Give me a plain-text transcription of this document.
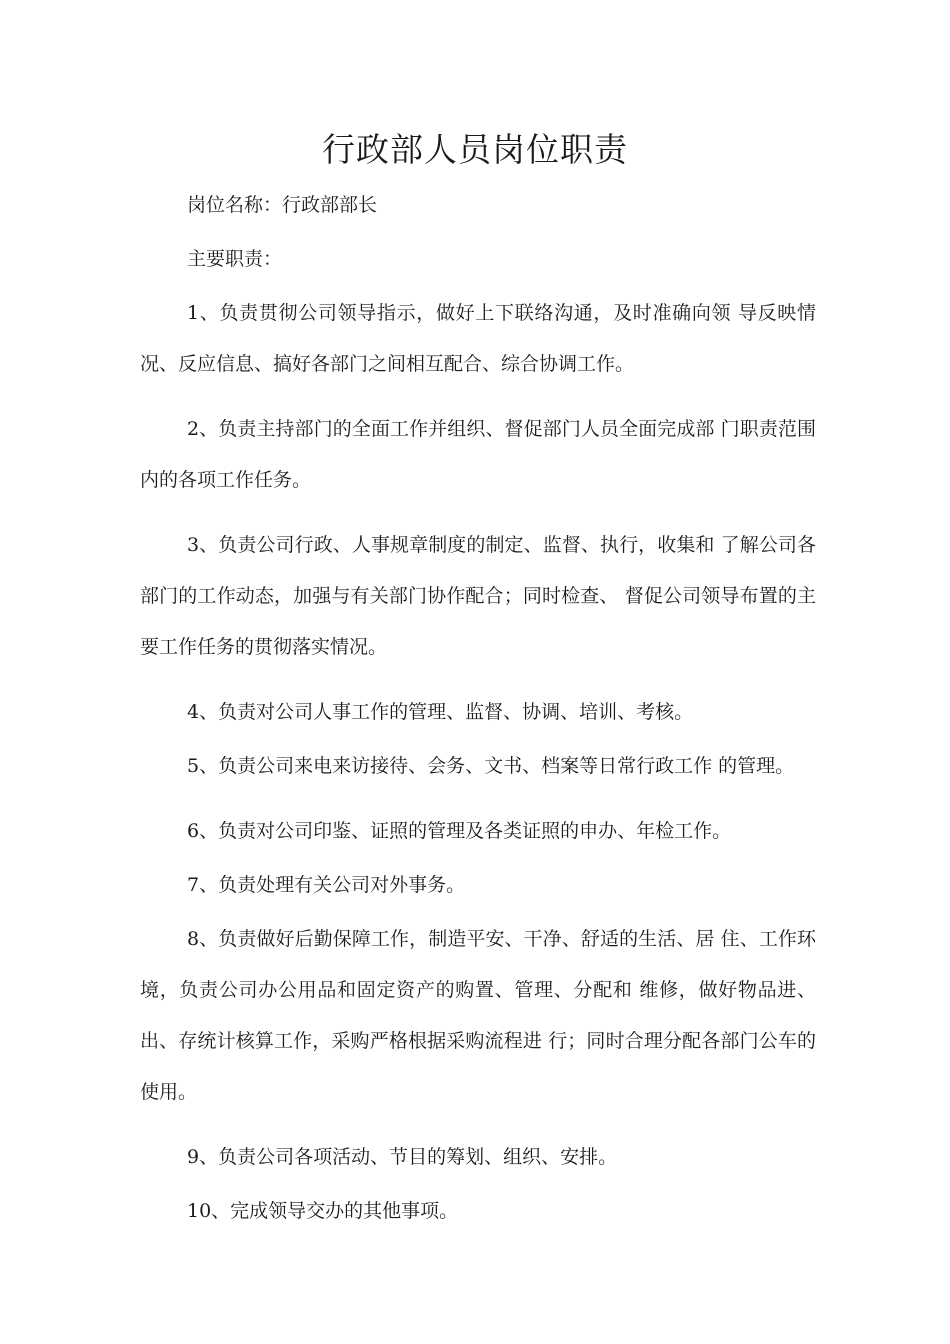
行政部人员岗位职责

岗位名称：行政部部长

主要职责：

1、负责贯彻公司领导指示，做好上下联络沟通，及时准确向领 导反映情况、反应信息、搞好各部门之间相互配合、综合协调工作。

2、负责主持部门的全面工作并组织、督促部门人员全面完成部 门职责范围内的各项工作任务。

3、负责公司行政、人事规章制度的制定、监督、执行，收集和 了解公司各部门的工作动态，加强与有关部门协作配合；同时检查、 督促公司领导布置的主要工作任务的贯彻落实情况。

4、负责对公司人事工作的管理、监督、协调、培训、考核。

5、负责公司来电来访接待、会务、文书、档案等日常行政工作 的管理。

6、负责对公司印鉴、证照的管理及各类证照的申办、年检工作。

7、负责处理有关公司对外事务。

8、负责做好后勤保障工作，制造平安、干净、舒适的生活、居 住、工作环境，负责公司办公用品和固定资产的购置、管理、分配和 维修，做好物品进、出、存统计核算工作，采购严格根据采购流程进 行；同时合理分配各部门公车的使用。

9、负责公司各项活动、节目的筹划、组织、安排。

10、完成领导交办的其他事项。
